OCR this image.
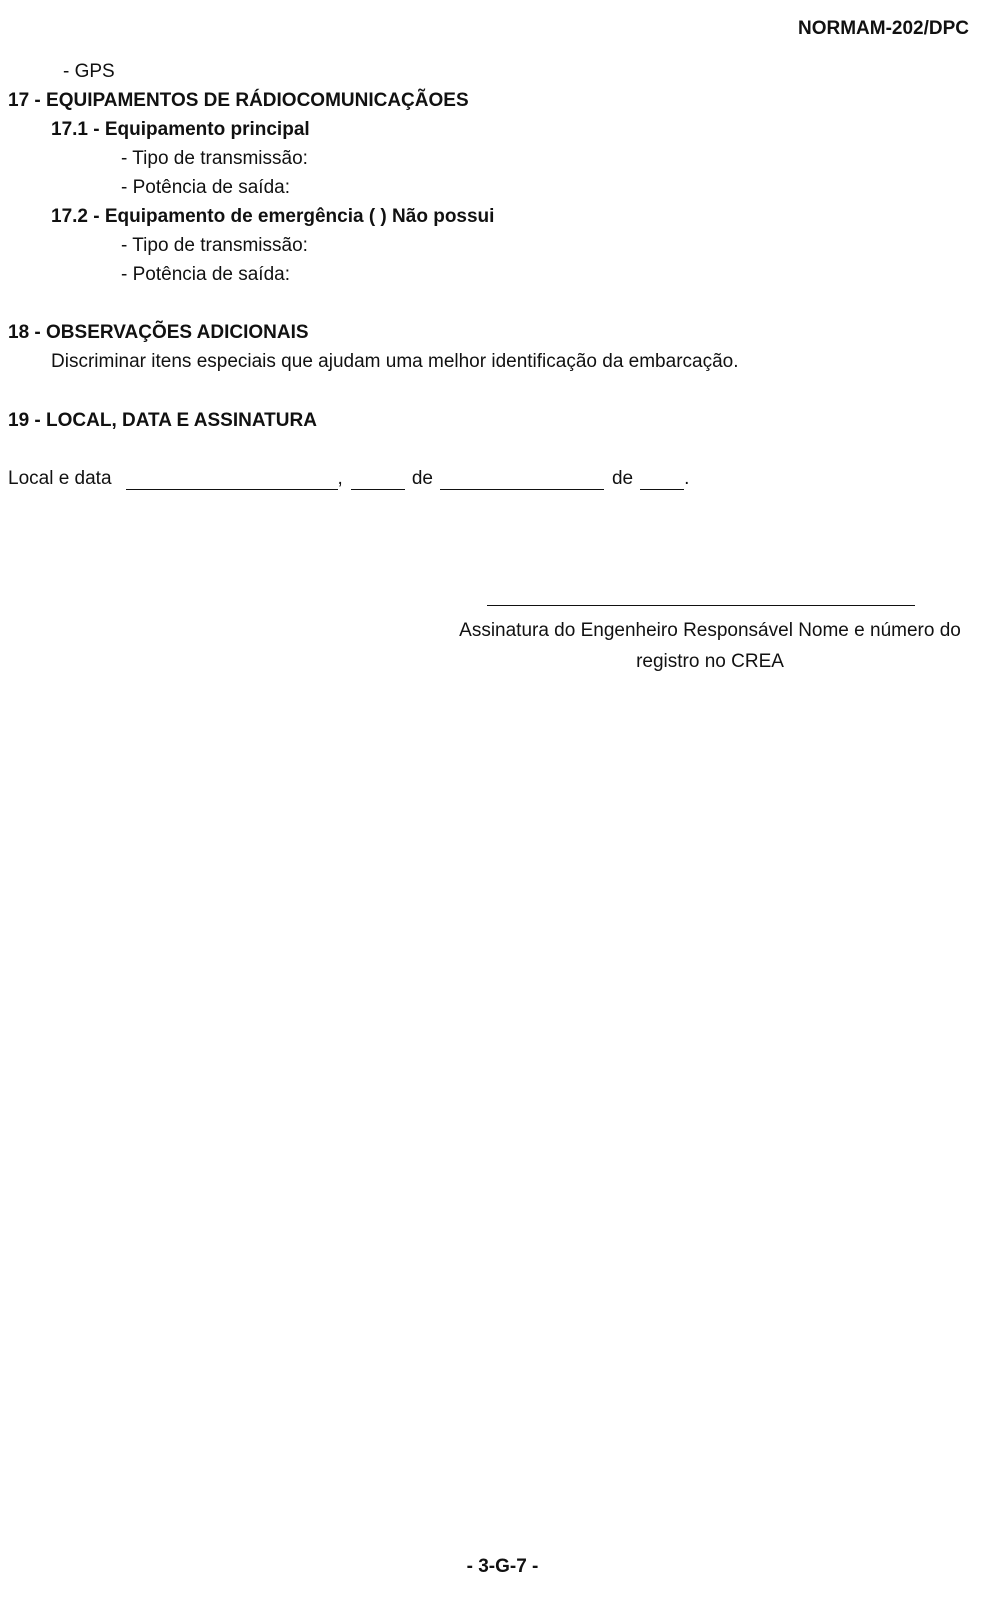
NORMAM-202/DPC
- GPS
17 - EQUIPAMENTOS DE RÁDIOCOMUNICAÇÃOES
17.1 - Equipamento principal
- Tipo de transmissão:
- Potência de saída:
17.2 - Equipamento de emergência ( ) Não possui
- Tipo de transmissão:
- Potência de saída:
18 - OBSERVAÇÕES ADICIONAIS
Discriminar itens especiais que ajudam uma melhor identificação da embarcação.
19 - LOCAL, DATA E ASSINATURA
Local e data	,	de	de	.
Assinatura do Engenheiro Responsável Nome e número do registro no CREA
- 3-G-7 -
